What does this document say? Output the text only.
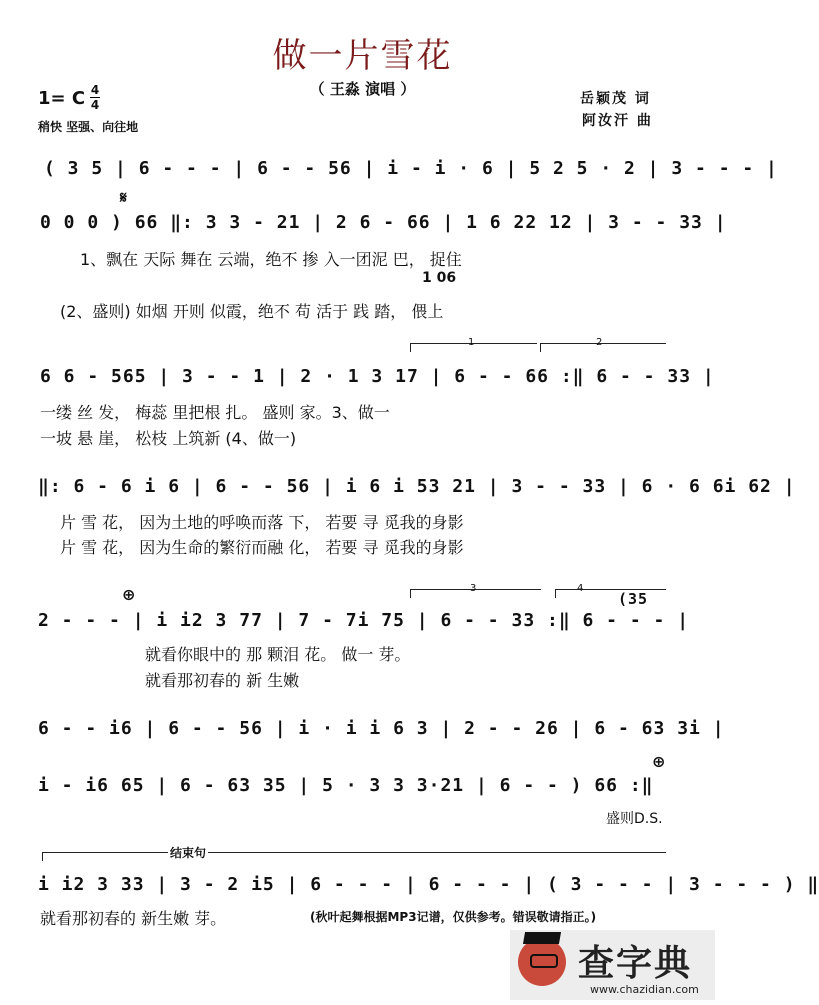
做一片雪花
（ 王淼 演唱 ）
1= C 4
4
稍快 坚强、向往地
岳颖茂 词
阿汝汗 曲
( 3 5 | 6 - - - | 6 - - 56 | i - i · 6 | 5 2 5 · 2 | 3 - - - |
𝄋
0 0 0 ) 66 ‖: 3 3 - 21 | 2 6 - 66 | 1 6 22 12 | 3 - - 33 |
1、飘在 天际 舞在 云端，绝不 掺 入一团泥 巴， 捉住
1 06
(2、盛则) 如烟 开则 似霞，绝不 苟 活于 践 踏， 偎上
1	2
6 6 - 565 | 3 - - 1 | 2 · 1 3 17 | 6 - - 66 :‖ 6 - - 33 |
一缕 丝 发， 梅蕊 里把根 扎。 盛则 家。3、做一
一坡 悬 崖， 松枝 上筑新 (4、做一)
‖: 6 - 6 i 6 | 6 - - 56 | i 6 i 53 21 | 3 - - 33 | 6 · 6 6i 62 |
片 雪 花， 因为土地的呼唤而落 下， 若要 寻 觅我的身影
片 雪 花， 因为生命的繁衍而融 化， 若要 寻 觅我的身影
⊕	3	4
(35
2 - - - | i i2 3 77 | 7 - 7i 75 | 6 - - 33 :‖ 6 - - - |
就看你眼中的 那 颗泪 花。 做一 芽。
就看那初春的 新 生嫩
6 - - i6 | 6 - - 56 | i · i i 6 3 | 2 - - 26 | 6 - 63 3i |
⊕
i - i6 65 | 6 - 63 35 | 5 · 3 3 3·21 | 6 - - ) 66 :‖
盛则D.S.
结束句
i i2 3 33 | 3 - 2 i5 | 6 - - - | 6 - - - | ( 3 - - - | 3 - - - ) ‖
就看那初春的 新生嫩 芽。	(秋叶起舞根据MP3记谱，仅供参考。错误敬请指正。)
查字典
www.chazidian.com
